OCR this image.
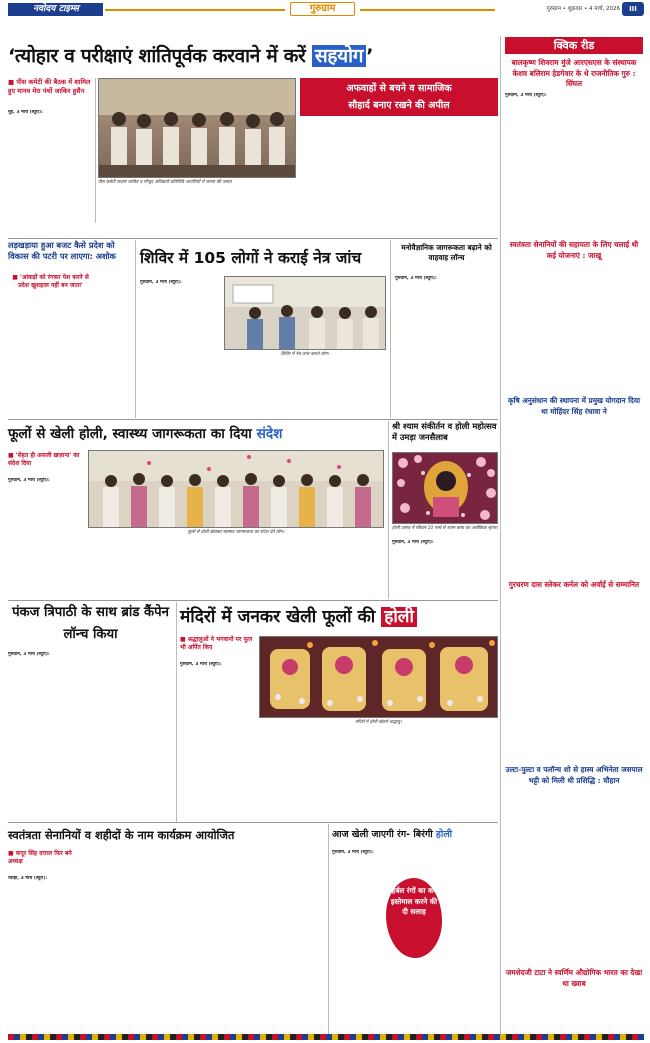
नवोदय टाइम्स	गुरुग्राम	गुरुग्राम • शुक्रवार • 4 मार्च, 2026	III
‘त्योहार व परीक्षाएं शांतिपूर्वक करवाने में करें सहयोग ’	क्विक रीड
बालकृष्ण शिवराम मुंजे आरएसएस के संस्थापक केशव बलिराम हेडगेवार के थे राजनीतिक गुरु : सिंघल
गुरुग्राम, 3 मार्च (ब्यूरो):
स्वतंत्रता सेनानियों की सहायता के लिए चलाई थी कई योजनाएं : जाखू
कृषि अनुसंधान की स्थापना में प्रमुख योगदान दिया था मोहिंदर सिंह रंधावा ने
गुरचरण दास स्लेकर कर्नल को अर्वाई से सम्मानित
उल्टा-पुल्टा व पलॉन्च शो से हास्य अभिनेता जसपाल भट्टी को मिली थी प्रसिद्धि : चौहान
जमशेदजी टाटा ने स्वर्णिम औद्योगिक भारत का देखा था ख्वाब
■ पीस कमेटी की बैठक में शामिल हुए मानव मेरा पंचों जाकिर हुसैन
नूंह, 3 मार्च (ब्यूरो):
पीस कमेटी सदस्य जाकिर व मौजूद अधिकारी प्रतिनिधि आपत्तियों में जनता की जनता
अफवाहों से बचने व सामाजिक
सौहार्द बनाए रखने की अपील
लड़खड़ाया हुआ बजट कैसे प्रदेश को विकास की पटरी पर लाएगा: अशोक
■ 'आंकड़ों को रंगकर पेश करने से प्रदेश खुशहाल नहीं बन जाता'
शिविर में 105 लोगों ने कराई नेत्र जांच
गुरुग्राम, 3 मार्च (ब्यूरो):
शिविर में नेत्र जांच कराते लोग।
मनोवैज्ञानिक जागरूकता बढ़ाने को वाहवाह लॉन्च
गुरुग्राम, 3 मार्च (ब्यूरो):
फूलों से खेली होली, स्वास्थ्य जागरूकता का दिया संदेश
■ 'सेहत ही असली ख़ज़ाना' का संदेश दिया
गुरुग्राम, 3 मार्च (ब्यूरो):
फूलों से होली खेलकर स्वास्थ्य जागरूकता का संदेश देते लोग।
श्री श्याम संकीर्तन व होली महोत्सव में उमड़ा जनसैलाब
होली उत्सव में रविवार 10 मार्च से श्याम बाबा का अलौकिक श्रृंगार।
गुरुग्राम, 3 मार्च (ब्यूरो):
पंकज त्रिपाठी के साथ ब्रांड कैंपेन लॉन्च किया
गुरुग्राम, 3 मार्च (ब्यूरो):
मंदिरों में जनकर खेली फूलों की होली
■ श्रद्धालुओं ने भगवानों पर फूल भी अर्पित किए
गुरुग्राम, 3 मार्च (ब्यूरो):
मंदिरों में होली खेलते श्रद्धालु।
स्वतंत्रता सेनानियों व शहीदों के नाम कार्यक्रम आयोजित
■ कपूर सिंह दत्ताल फिर बने अध्यक्ष
रेवाड़ी, 3 मार्च (ब्यूरो):
आज खेली जाएगी रंग- बिरंगी होली
गुरुग्राम, 3 मार्च (ब्यूरो):
हर्बल रंगों का करें इस्तेमाल करने की दी सलाह
